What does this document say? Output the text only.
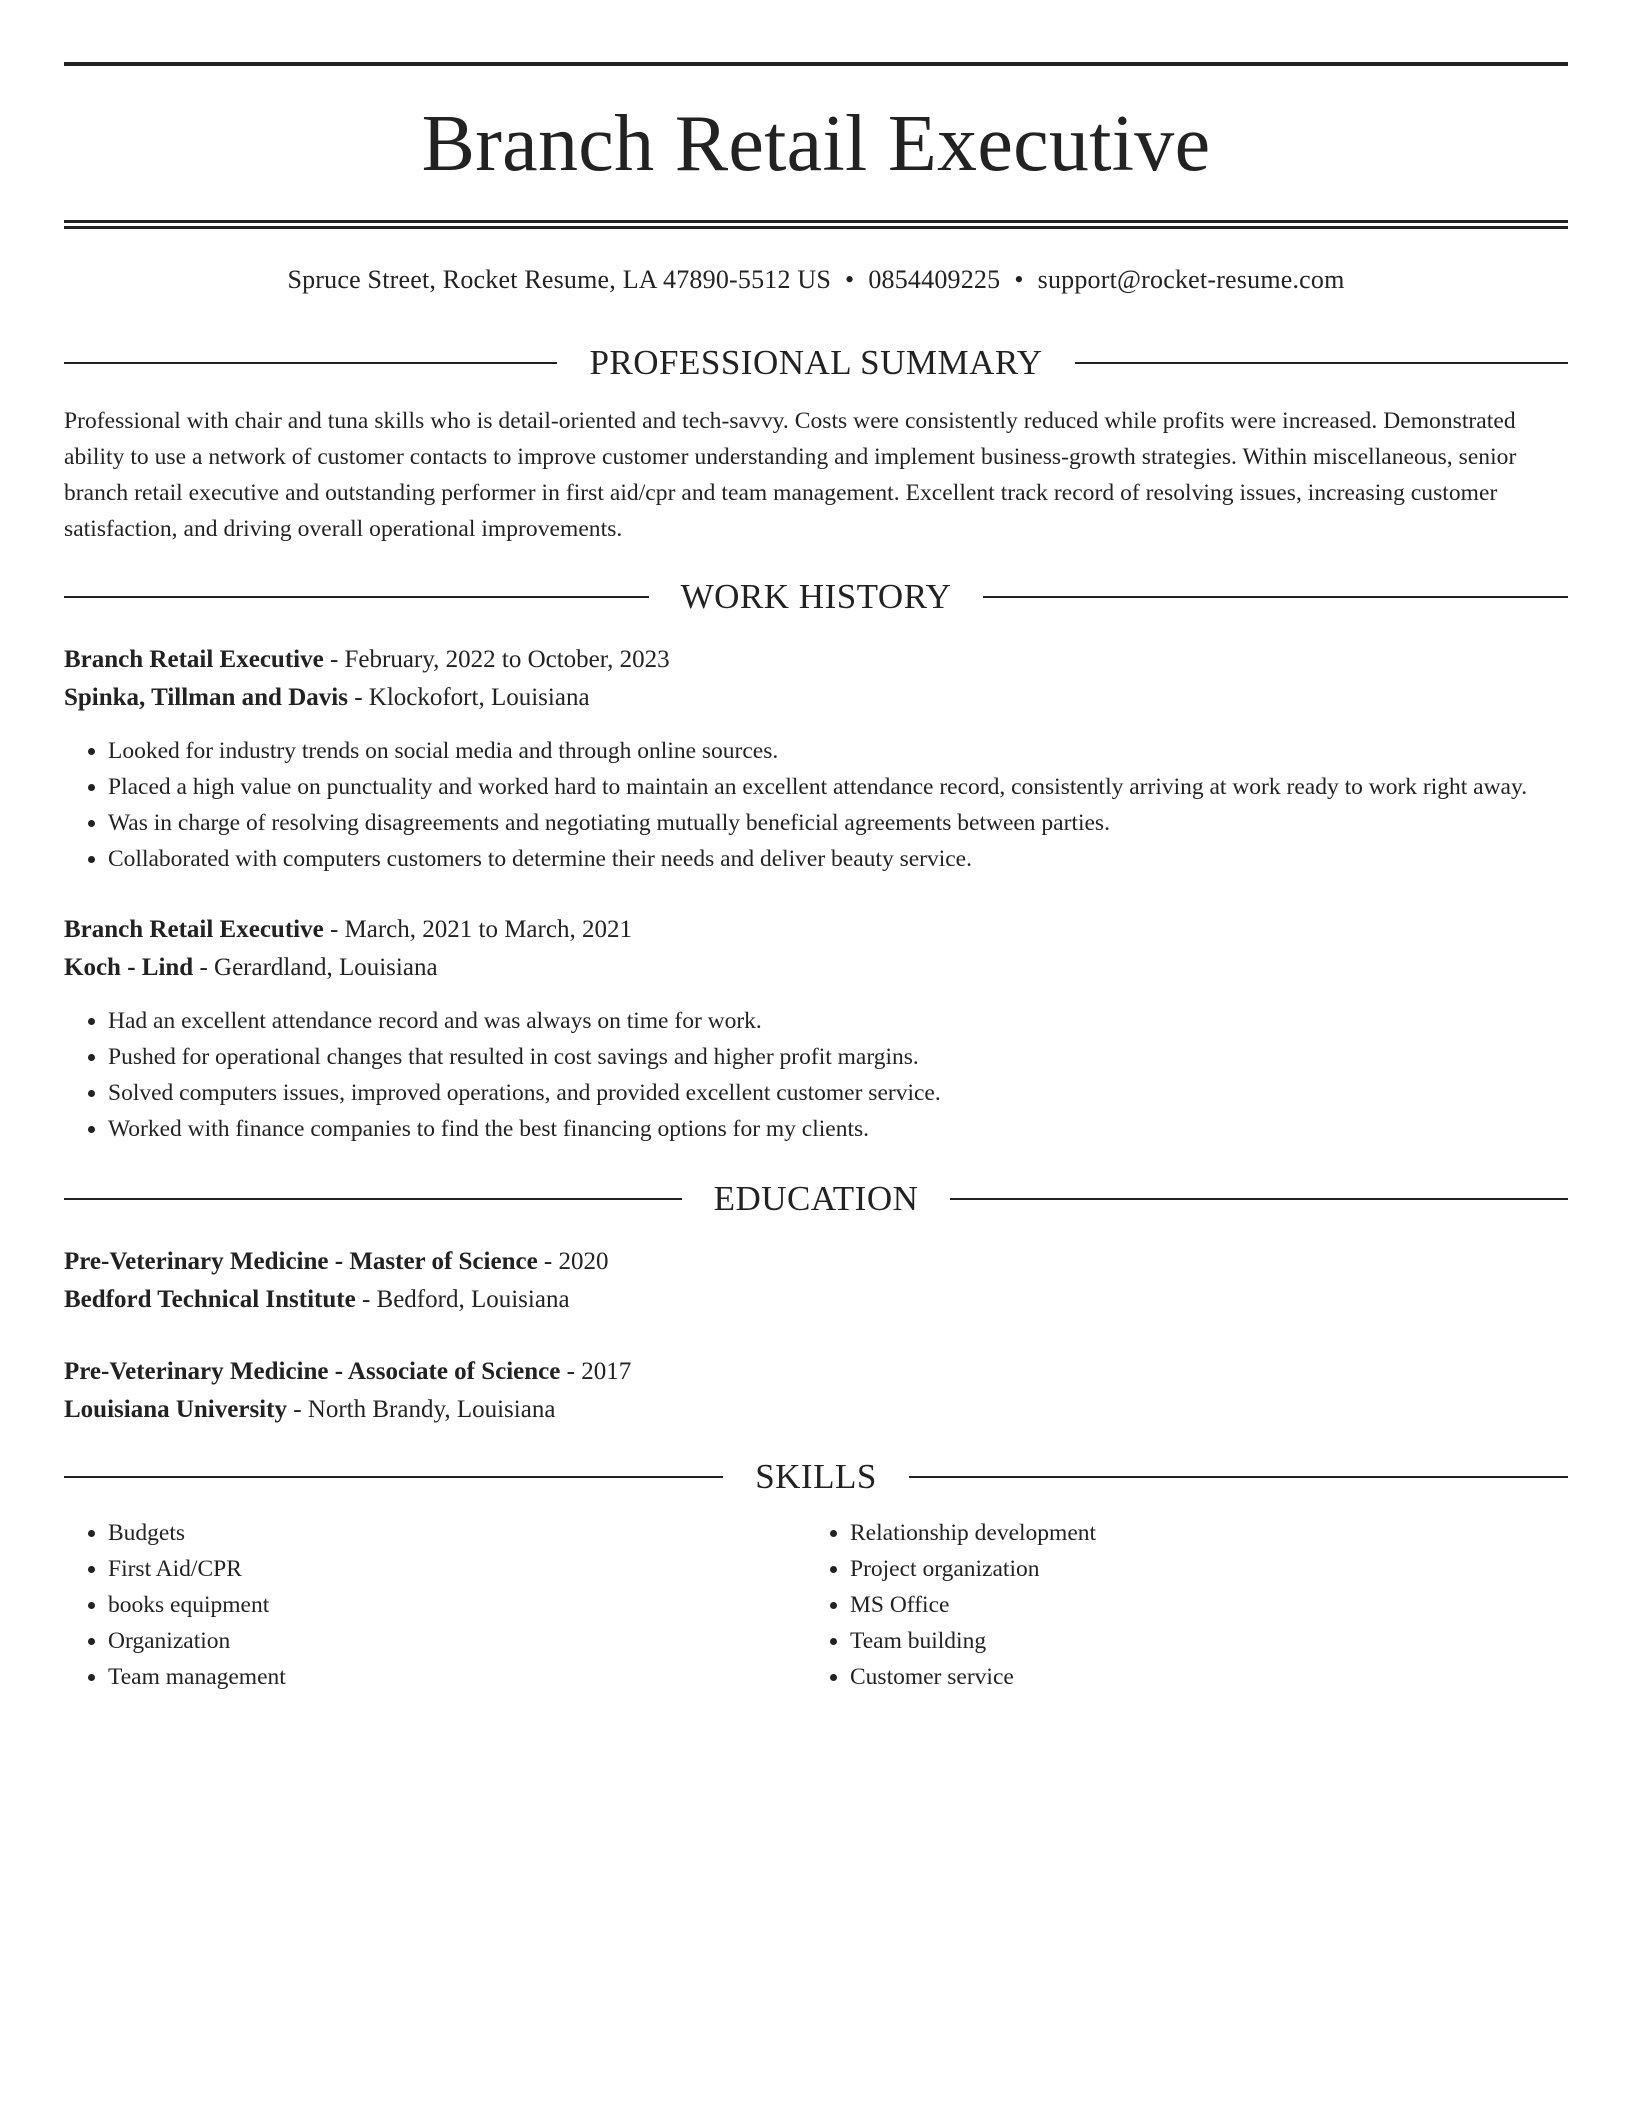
Branch Retail Executive
Spruce Street, Rocket Resume, LA 47890-5512 US • 0854409225 • support@rocket-resume.com
PROFESSIONAL SUMMARY
Professional with chair and tuna skills who is detail-oriented and tech-savvy. Costs were consistently reduced while profits were increased. Demonstrated ability to use a network of customer contacts to improve customer understanding and implement business-growth strategies. Within miscellaneous, senior branch retail executive and outstanding performer in first aid/cpr and team management. Excellent track record of resolving issues, increasing customer satisfaction, and driving overall operational improvements.
WORK HISTORY
Branch Retail Executive - February, 2022 to October, 2023
Spinka, Tillman and Davis - Klockofort, Louisiana
• Looked for industry trends on social media and through online sources.
• Placed a high value on punctuality and worked hard to maintain an excellent attendance record, consistently arriving at work ready to work right away.
• Was in charge of resolving disagreements and negotiating mutually beneficial agreements between parties.
• Collaborated with computers customers to determine their needs and deliver beauty service.
Branch Retail Executive - March, 2021 to March, 2021
Koch - Lind - Gerardland, Louisiana
• Had an excellent attendance record and was always on time for work.
• Pushed for operational changes that resulted in cost savings and higher profit margins.
• Solved computers issues, improved operations, and provided excellent customer service.
• Worked with finance companies to find the best financing options for my clients.
EDUCATION
Pre-Veterinary Medicine - Master of Science - 2020
Bedford Technical Institute - Bedford, Louisiana
Pre-Veterinary Medicine - Associate of Science - 2017
Louisiana University - North Brandy, Louisiana
SKILLS
• Budgets
• First Aid/CPR
• books equipment
• Organization
• Team management
• Relationship development
• Project organization
• MS Office
• Team building
• Customer service
